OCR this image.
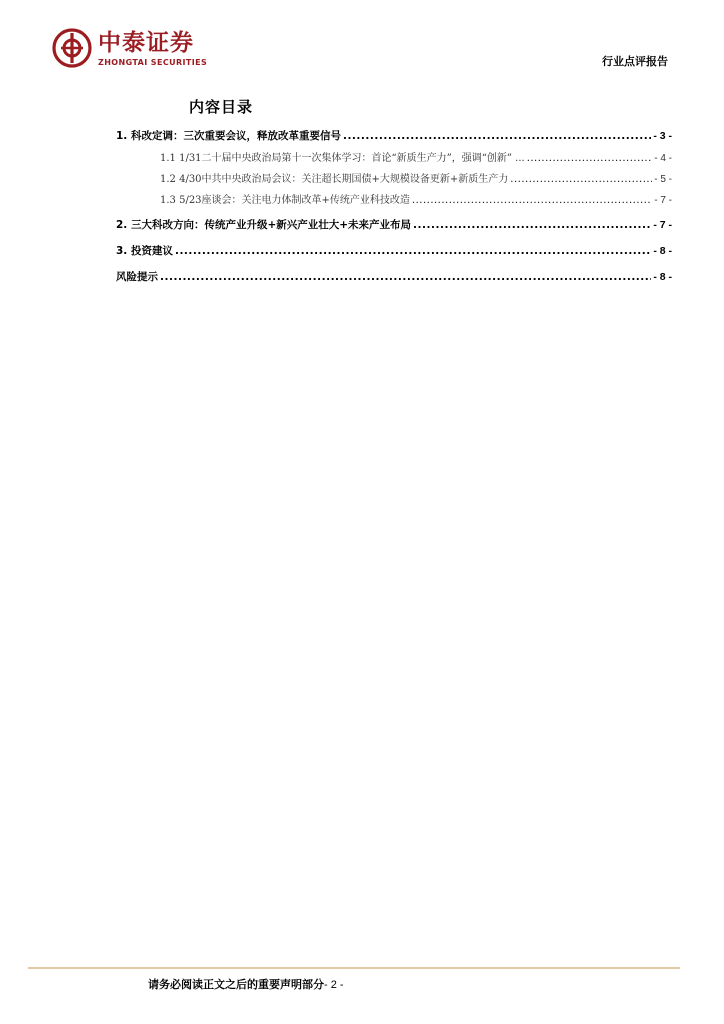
中泰证券
ZHONGTAI SECURITIES	行业点评报告
内容目录
1. 科改定调：三次重要会议，释放改革重要信号 .....	- 3 -
1.1 1/31二十届中央政治局第十一次集体学习：首论“新质生产力”，强调“创新” ... .....	- 4 -
1.2 4/30中共中央政治局会议：关注超长期国债+大规模设备更新+新质生产力 .....	- 5 -
1.3 5/23座谈会：关注电力体制改革+传统产业科技改造 .....	- 7 -
2. 三大科改方向：传统产业升级+新兴产业壮大+未来产业布局 .....	- 7 -
3. 投资建议 .....	- 8 -
风险提示 .....	- 8 -
请务必阅读正文之后的重要声明部分- 2 -
